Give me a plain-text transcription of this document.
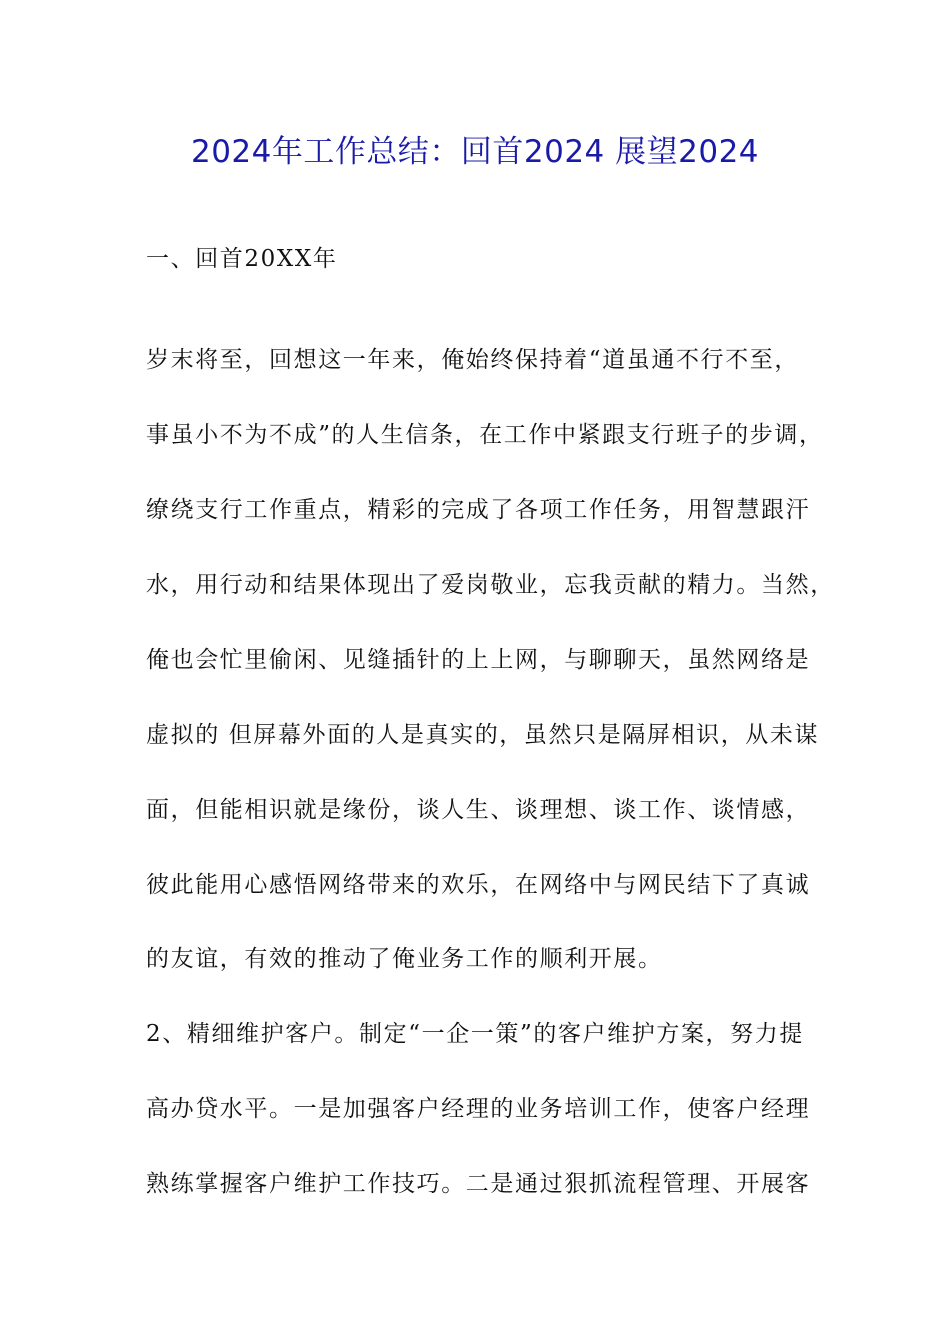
2024年工作总结：回首2024 展望2024
一、回首20XX年
岁末将至，回想这一年来，俺始终保持着“道虽通不行不至，
事虽小不为不成”的人生信条，在工作中紧跟支行班子的步调，
缭绕支行工作重点，精彩的完成了各项工作任务，用智慧跟汗
水，用行动和结果体现出了爱岗敬业，忘我贡献的精力。当然，
俺也会忙里偷闲、见缝插针的上上网，与聊聊天，虽然网络是
虚拟的 但屏幕外面的人是真实的，虽然只是隔屏相识，从未谋
面，但能相识就是缘份，谈人生、谈理想、谈工作、谈情感，
彼此能用心感悟网络带来的欢乐，在网络中与网民结下了真诚
的友谊，有效的推动了俺业务工作的顺利开展。
2、精细维护客户。制定“一企一策”的客户维护方案，努力提
高办贷水平。一是加强客户经理的业务培训工作，使客户经理
熟练掌握客户维护工作技巧。二是通过狠抓流程管理、开展客
